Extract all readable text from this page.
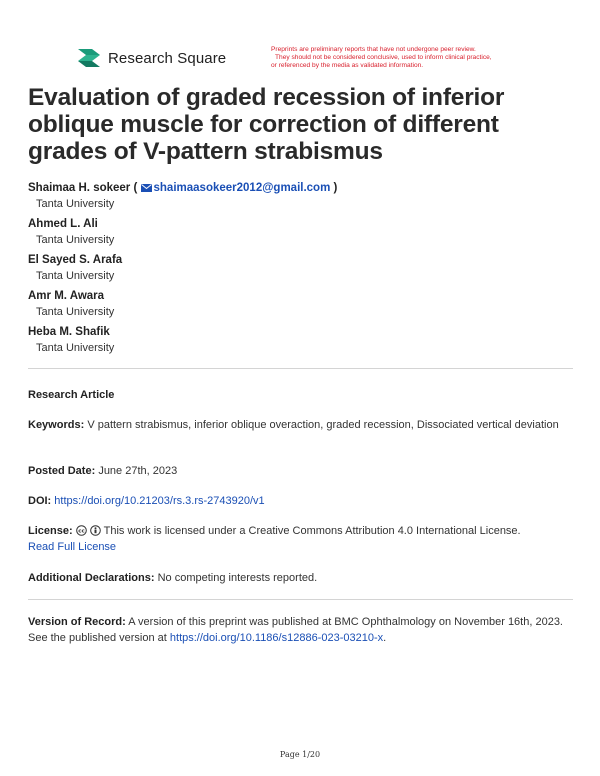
Research Square	Preprints are preliminary reports that have not undergone peer review.
They should not be considered conclusive, used to inform clinical practice,
or referenced by the media as validated information.
Evaluation of graded recession of inferior oblique muscle for correction of different grades of V-pattern strabismus
Shaimaa H. sokeer ( shaimaasokeer2012@gmail.com )
Tanta University
Ahmed L. Ali
Tanta University
El Sayed S. Arafa
Tanta University
Amr M. Awara
Tanta University
Heba M. Shafik
Tanta University
Research Article
Keywords: V pattern strabismus, inferior oblique overaction, graded recession, Dissociated vertical deviation
Posted Date: June 27th, 2023
DOI: https://doi.org/10.21203/rs.3.rs-2743920/v1
License: cc This work is licensed under a Creative Commons Attribution 4.0 International License.
Read Full License
Additional Declarations: No competing interests reported.
Version of Record: A version of this preprint was published at BMC Ophthalmology on November 16th, 2023. See the published version at https://doi.org/10.1186/s12886-023-03210-x.
Page 1/20
